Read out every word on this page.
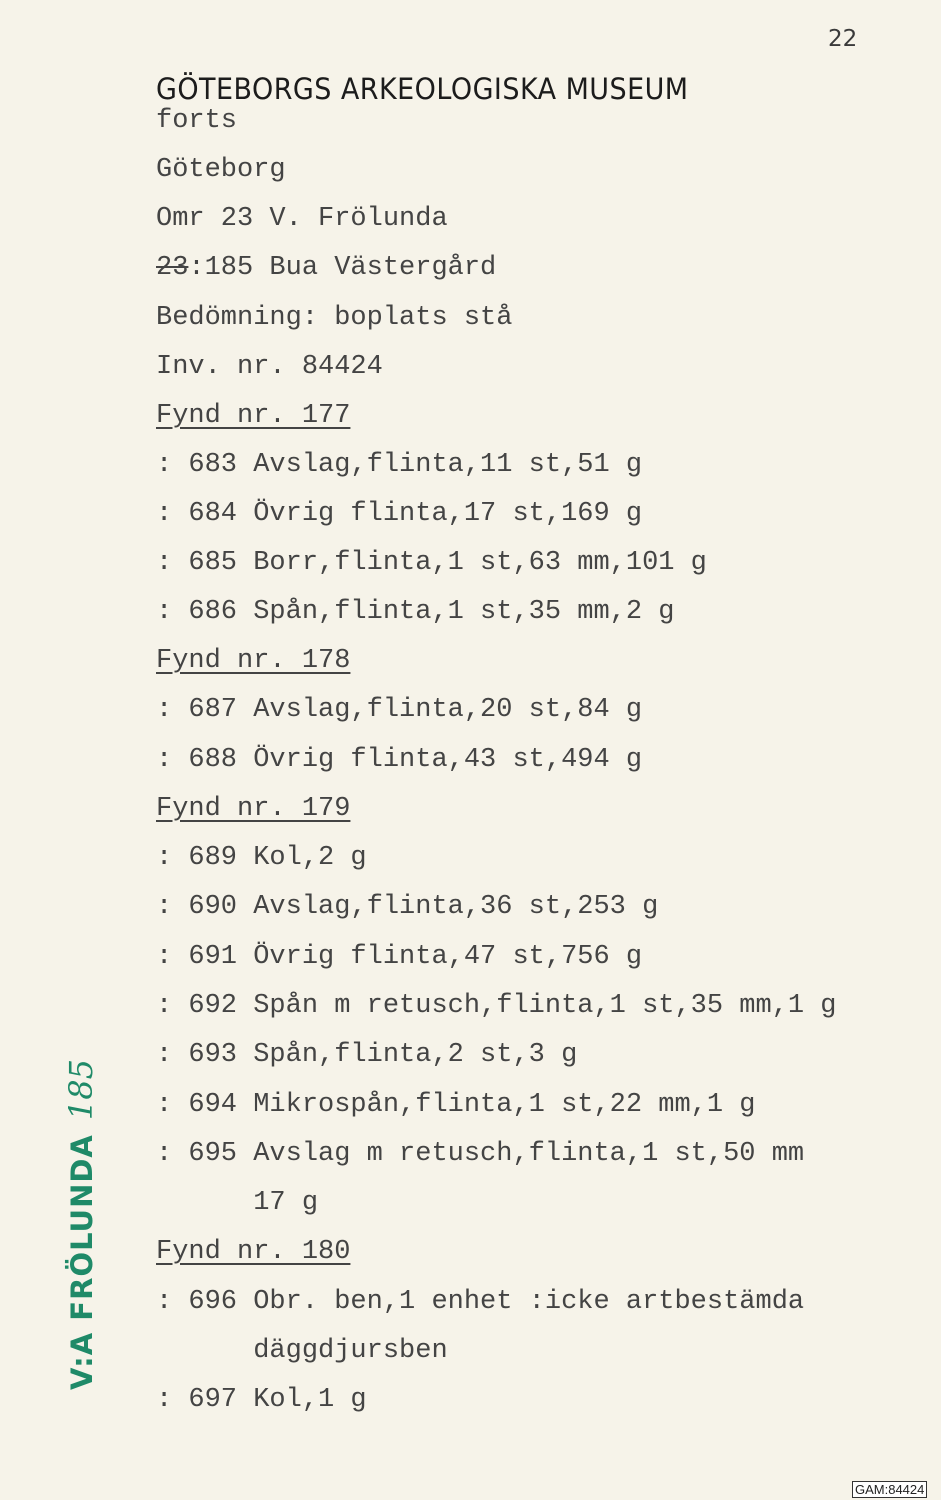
22
GÖTEBORGS ARKEOLOGISKA MUSEUM
forts
Göteborg
Omr 23 V. Frölunda
23:185 Bua Västergård
Bedömning: boplats stå
Inv. nr. 84424
Fynd nr. 177
: 683 Avslag,flinta,11 st,51 g
: 684 Övrig flinta,17 st,169 g
: 685 Borr,flinta,1 st,63 mm,101 g
: 686 Spån,flinta,1 st,35 mm,2 g
Fynd nr. 178
: 687 Avslag,flinta,20 st,84 g
: 688 Övrig flinta,43 st,494 g
Fynd nr. 179
: 689 Kol,2 g
: 690 Avslag,flinta,36 st,253 g
: 691 Övrig flinta,47 st,756 g
: 692 Spån m retusch,flinta,1 st,35 mm,1 g
: 693 Spån,flinta,2 st,3 g
: 694 Mikrospån,flinta,1 st,22 mm,1 g
: 695 Avslag m retusch,flinta,1 st,50 mm
17 g
Fynd nr. 180
: 696 Obr. ben,1 enhet :icke artbestämda
däggdjursben
: 697 Kol,1 g
V:A FRÖLUNDA185
GAM:84424
